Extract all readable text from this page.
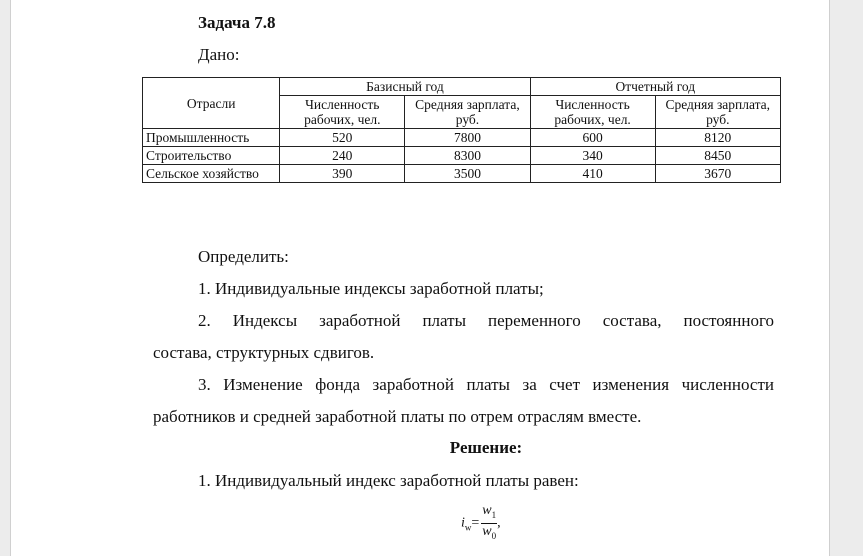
Задача 7.8
Дано:
Отрасли	Базисный год		Отчетный год	
	Численность рабочих, чел.	Средняя зарплата, руб.	Численность рабочих, чел.	Средняя зарплата, руб.
Промышленность	520	7800	600	8120
Строительство	240	8300	340	8450
Сельское хозяйство	390	3500	410	3670
Определить:
1. Индивидуальные индексы заработной платы;
2. Индексы заработной платы переменного состава, постоянного
состава, структурных сдвигов.
3. Изменение фонда заработной платы за счет изменения численности
работников и средней заработной платы по отрем отраслям вместе.
Решение:
1. Индивидуальный индекс заработной платы равен:
$i_w= \frac{w_1}{w_0}$ ,
